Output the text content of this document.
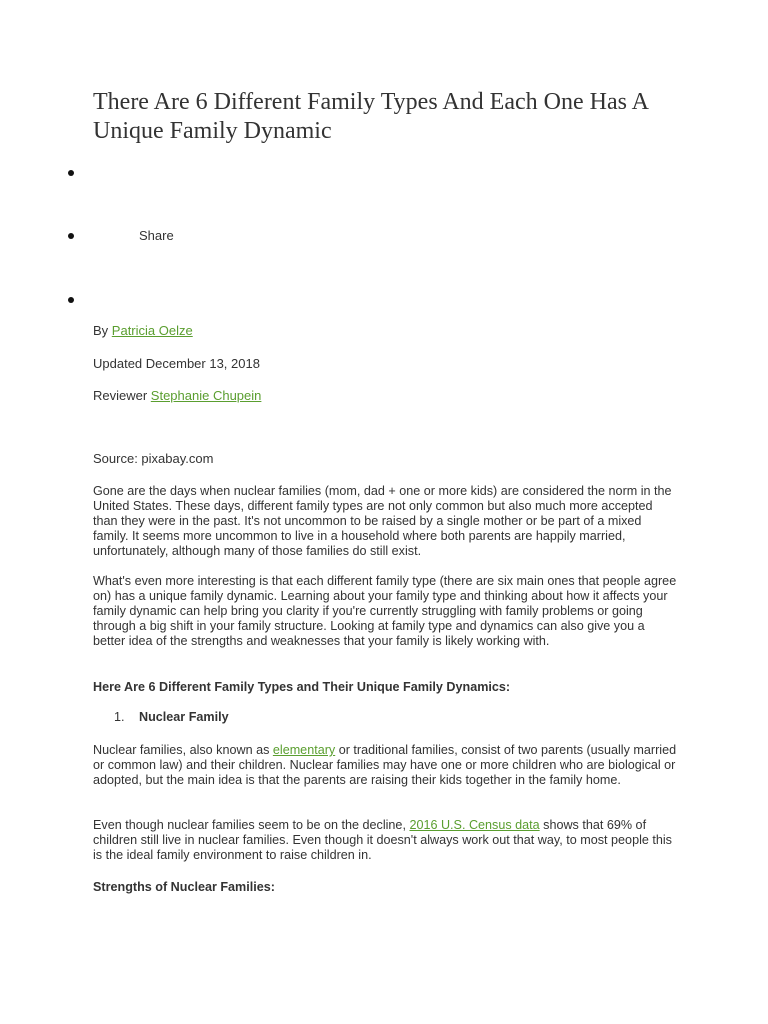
There Are 6 Different Family Types And Each One Has A Unique Family Dynamic
Share
By Patricia Oelze
Updated December 13, 2018
Reviewer Stephanie Chupein
Source: pixabay.com

Gone are the days when nuclear families (mom, dad + one or more kids) are considered the norm in the United States. These days, different family types are not only common but also much more accepted than they were in the past. It's not uncommon to be raised by a single mother or be part of a mixed family. It seems more uncommon to live in a household where both parents are happily married, unfortunately, although many of those families do still exist.

What's even more interesting is that each different family type (there are six main ones that people agree on) has a unique family dynamic. Learning about your family type and thinking about how it affects your family dynamic can help bring you clarity if you're currently struggling with family problems or going through a big shift in your family structure. Looking at family type and dynamics can also give you a better idea of the strengths and weaknesses that your family is likely working with.

Here Are 6 Different Family Types and Their Unique Family Dynamics:

1. Nuclear Family

Nuclear families, also known as elementary or traditional families, consist of two parents (usually married or common law) and their children. Nuclear families may have one or more children who are biological or adopted, but the main idea is that the parents are raising their kids together in the family home.

Even though nuclear families seem to be on the decline, 2016 U.S. Census data shows that 69% of children still live in nuclear families. Even though it doesn't always work out that way, to most people this is the ideal family environment to raise children in.

Strengths of Nuclear Families:
